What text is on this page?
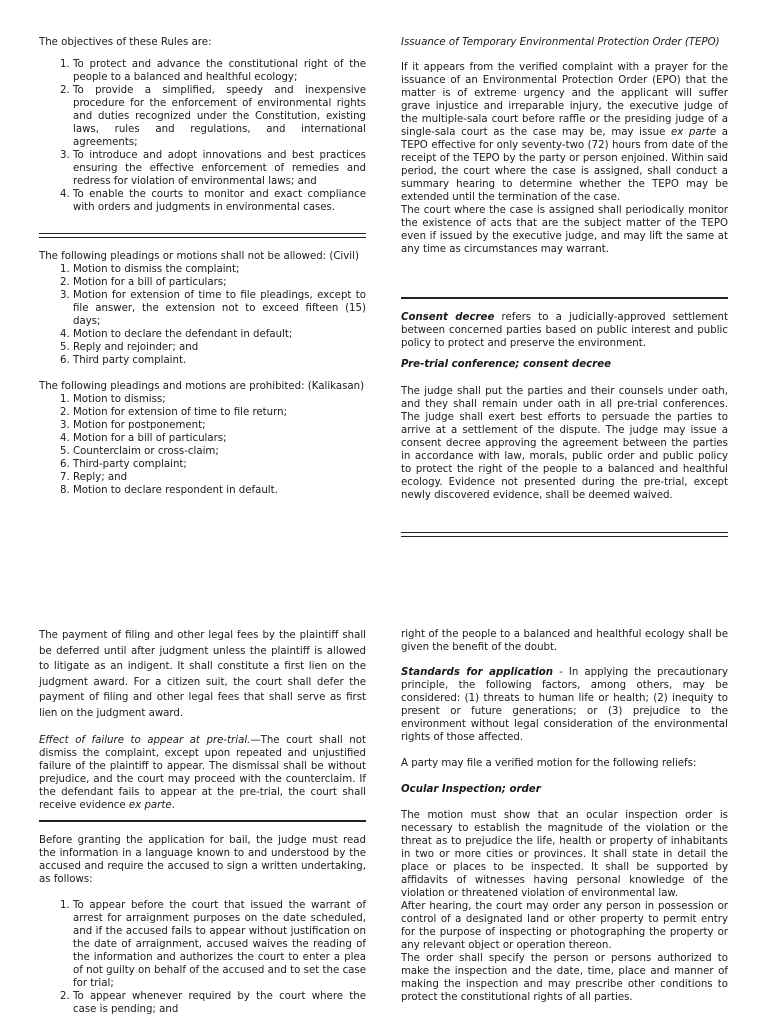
The objectives of these Rules are:

1. To protect and advance the constitutional right of the people to a balanced and healthful ecology;
2. To provide a simplified, speedy and inexpensive procedure for the enforcement of environmental rights and duties recognized under the Constitution, existing laws, rules and regulations, and international agreements;
3. To introduce and adopt innovations and best practices ensuring the effective enforcement of remedies and redress for violation of environmental laws; and
4. To enable the courts to monitor and exact compliance with orders and judgments in environmental cases.

The following pleadings or motions shall not be allowed: (Civil)

1. Motion to dismiss the complaint;
2. Motion for a bill of particulars;
3. Motion for extension of time to file pleadings, except to file answer, the extension not to exceed fifteen (15) days;
4. Motion to declare the defendant in default;
5. Reply and rejoinder; and
6. Third party complaint.

The following pleadings and motions are prohibited: (Kalikasan)

1. Motion to dismiss;
2. Motion for extension of time to file return;
3. Motion for postponement;
4. Motion for a bill of particulars;
5. Counterclaim or cross-claim;
6. Third-party complaint;
7. Reply; and
8. Motion to declare respondent in default.

Issuance of Temporary Environmental Protection Order (TEPO)

If it appears from the verified complaint with a prayer for the issuance of an Environmental Protection Order (EPO) that the matter is of extreme urgency and the applicant will suffer grave injustice and irreparable injury, the executive judge of the multiple-sala court before raffle or the presiding judge of a single-sala court as the case may be, may issue ex parte a TEPO effective for only seventy-two (72) hours from date of the receipt of the TEPO by the party or person enjoined. Within said period, the court where the case is assigned, shall conduct a summary hearing to determine whether the TEPO may be extended until the termination of the case.

The court where the case is assigned shall periodically monitor the existence of acts that are the subject matter of the TEPO even if issued by the executive judge, and may lift the same at any time as circumstances may warrant.

Consent decree refers to a judicially-approved settlement between concerned parties based on public interest and public policy to protect and preserve the environment.

Pre-trial conference; consent decree

The judge shall put the parties and their counsels under oath, and they shall remain under oath in all pre-trial conferences. The judge shall exert best efforts to persuade the parties to arrive at a settlement of the dispute. The judge may issue a consent decree approving the agreement between the parties in accordance with law, morals, public order and public policy to protect the right of the people to a balanced and healthful ecology. Evidence not presented during the pre-trial, except newly discovered evidence, shall be deemed waived.

The payment of filing and other legal fees by the plaintiff shall be deferred until after judgment unless the plaintiff is allowed to litigate as an indigent. It shall constitute a first lien on the judgment award. For a citizen suit, the court shall defer the payment of filing and other legal fees that shall serve as first lien on the judgment award.

Effect of failure to appear at pre-trial.—The court shall not dismiss the complaint, except upon repeated and unjustified failure of the plaintiff to appear. The dismissal shall be without prejudice, and the court may proceed with the counterclaim. If the defendant fails to appear at the pre-trial, the court shall receive evidence ex parte.

Before granting the application for bail, the judge must read the information in a language known to and understood by the accused and require the accused to sign a written undertaking, as follows:

1. To appear before the court that issued the warrant of arrest for arraignment purposes on the date scheduled, and if the accused fails to appear without justification on the date of arraignment, accused waives the reading of the information and authorizes the court to enter a plea of not guilty on behalf of the accused and to set the case for trial;
2. To appear whenever required by the court where the case is pending; and

right of the people to a balanced and healthful ecology shall be given the benefit of the doubt.

Standards for application - In applying the precautionary principle, the following factors, among others, may be considered: (1) threats to human life or health; (2) inequity to present or future generations; or (3) prejudice to the environment without legal consideration of the environmental rights of those affected.

A party may file a verified motion for the following reliefs:

Ocular Inspection; order

The motion must show that an ocular inspection order is necessary to establish the magnitude of the violation or the threat as to prejudice the life, health or property of inhabitants in two or more cities or provinces. It shall state in detail the place or places to be inspected. It shall be supported by affidavits of witnesses having personal knowledge of the violation or threatened violation of environmental law.

After hearing, the court may order any person in possession or control of a designated land or other property to permit entry for the purpose of inspecting or photographing the property or any relevant object or operation thereon.

The order shall specify the person or persons authorized to make the inspection and the date, time, place and manner of making the inspection and may prescribe other conditions to protect the constitutional rights of all parties.
